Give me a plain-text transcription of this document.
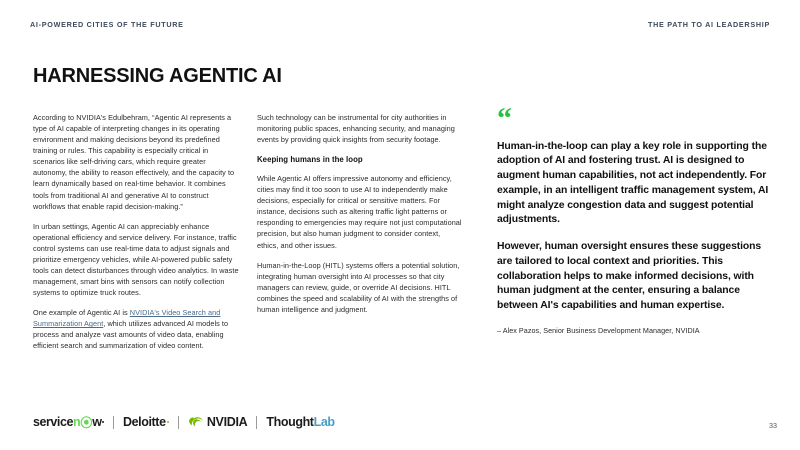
AI-POWERED CITIES OF THE FUTURE	THE PATH TO AI LEADERSHIP
HARNESSING AGENTIC AI

According to NVIDIA's Edulbehram, “Agentic AI represents a type of AI capable of interpreting changes in its operating environment and making decisions beyond its predefined training or rules. This capability is especially critical in scenarios like self-driving cars, which require greater autonomy, the ability to reason effectively, and the capacity to learn dynamically based on real-time behavior. It combines tools from traditional AI and generative AI to construct workflows that enable rapid decision-making.”

In urban settings, Agentic AI can appreciably enhance operational efficiency and service delivery. For instance, traffic control systems can use real-time data to adjust signals and prioritize emergency vehicles, while AI-powered public safety tools can detect disturbances through video analytics. In waste management, smart bins with sensors can notify collection systems to optimize truck routes.

One example of Agentic AI is NVIDIA's Video Search and Summarization Agent, which utilizes advanced AI models to process and analyze vast amounts of video data, enabling efficient search and summarization of video content.

Such technology can be instrumental for city authorities in monitoring public spaces, enhancing security, and managing events by providing quick insights from security footage.

Keeping humans in the loop

While Agentic AI offers impressive autonomy and efficiency, cities may find it too soon to use AI to independently make decisions, especially for critical or sensitive matters. For instance, decisions such as altering traffic light patterns or responding to emergencies may require not just computational precision, but also human judgment to consider context, ethics, and other issues.

Human-in-the-Loop (HITL) systems offers a potential solution, integrating human oversight into AI processes so that city managers can review, guide, or override AI decisions. HITL combines the speed and scalability of AI with the strengths of human intelligence and judgment.

“

Human-in-the-loop can play a key role in supporting the adoption of AI and fostering trust. AI is designed to augment human capabilities, not act independently. For example, in an intelligent traffic management system, AI might analyze congestion data and suggest potential adjustments.

However, human oversight ensures these suggestions are tailored to local context and priorities. This collaboration helps to make informed decisions, with human judgment at the center, ensuring a balance between AI's capabilities and human expertise.

– Alex Pazos, Senior Business Development Manager, NVIDIA
service n ⦿ w Deloitte	NVIDIA Thought Lab	33
